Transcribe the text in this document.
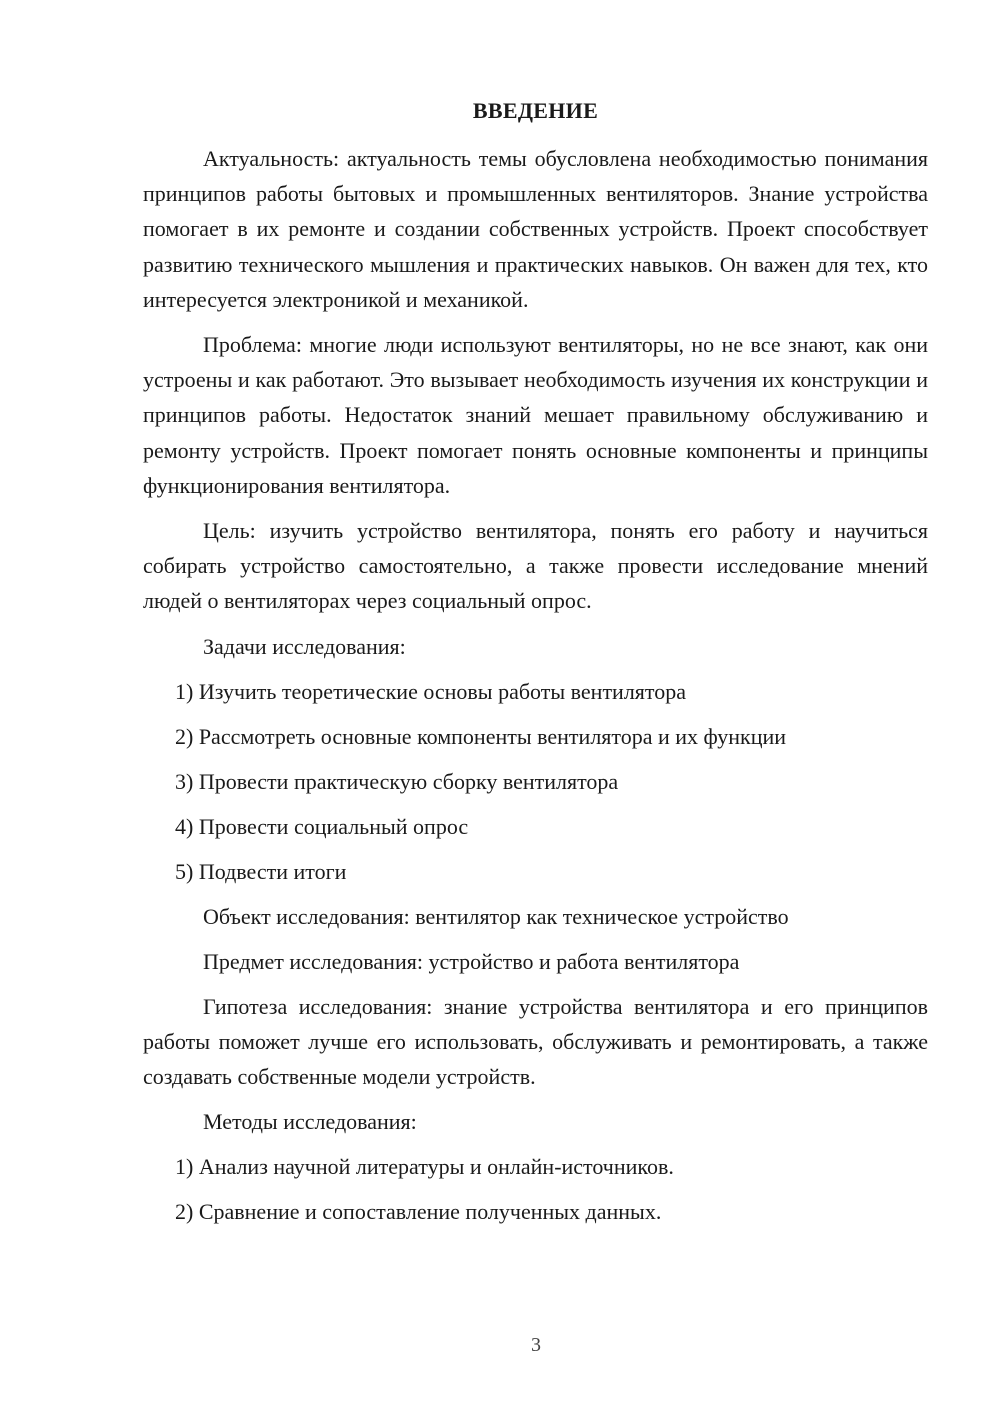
ВВЕДЕНИЕ

Актуальность: актуальность темы обусловлена необходимостью понимания принципов работы бытовых и промышленных вентиляторов. Знание устройства помогает в их ремонте и создании собственных устройств. Проект способствует развитию технического мышления и практических навыков. Он важен для тех, кто интересуется электроникой и механикой.

Проблема: многие люди используют вентиляторы, но не все знают, как они устроены и как работают. Это вызывает необходимость изучения их конструкции и принципов работы. Недостаток знаний мешает правильному обслуживанию и ремонту устройств. Проект помогает понять основные компоненты и принципы функционирования вентилятора.

Цель: изучить устройство вентилятора, понять его работу и научиться собирать устройство самостоятельно, а также провести исследование мнений людей о вентиляторах через социальный опрос.

Задачи исследования:
1) Изучить теоретические основы работы вентилятора
2) Рассмотреть основные компоненты вентилятора и их функции
3) Провести практическую сборку вентилятора
4) Провести социальный опрос
5) Подвести итоги
Объект исследования: вентилятор как техническое устройство
Предмет исследования: устройство и работа вентилятора

Гипотеза исследования: знание устройства вентилятора и его принципов работы поможет лучше его использовать, обслуживать и ремонтировать, а также создавать собственные модели устройств.

Методы исследования:
1) Анализ научной литературы и онлайн-источников.
2) Сравнение и сопоставление полученных данных.
3
